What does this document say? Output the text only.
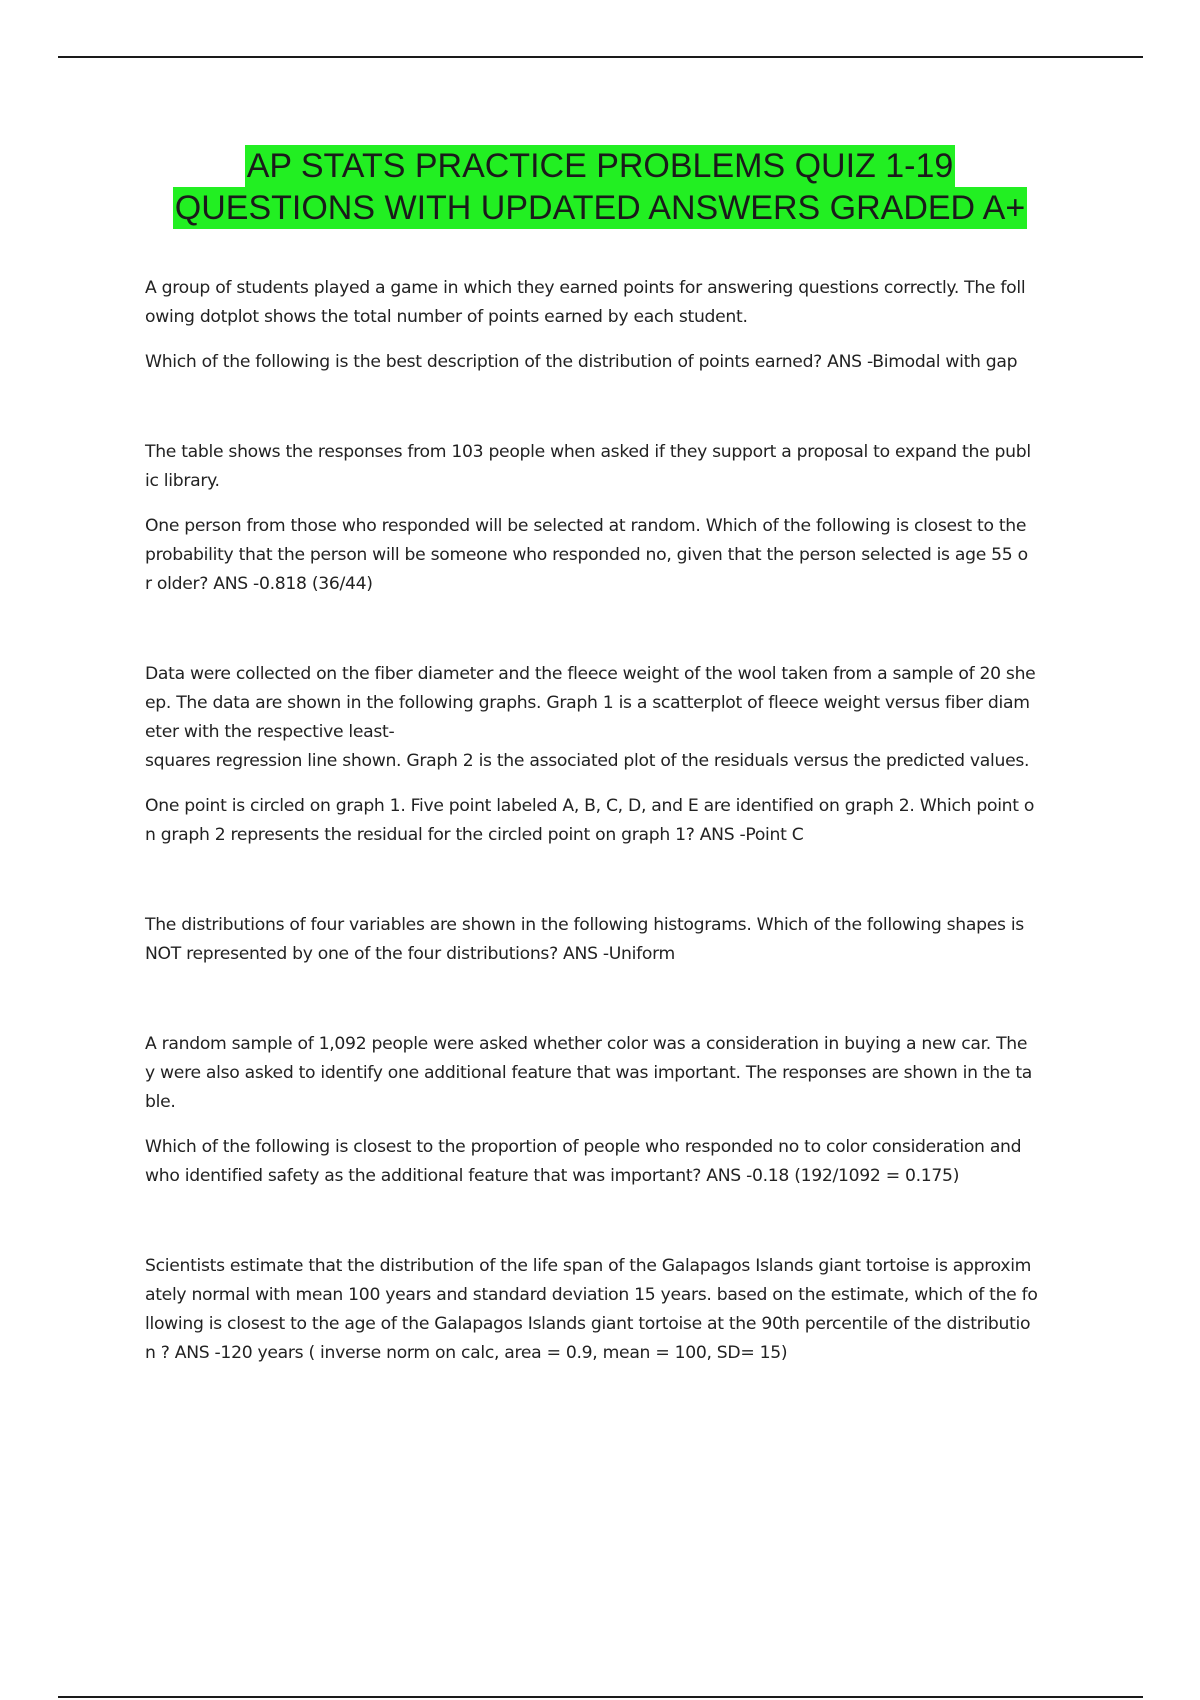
AP STATS PRACTICE PROBLEMS QUIZ 1-19
QUESTIONS WITH UPDATED ANSWERS GRADED A+

A group of students played a game in which they earned points for answering questions correctly. The foll
owing dotplot shows the total number of points earned by each student.

Which of the following is the best description of the distribution of points earned? ANS -Bimodal with gap

The table shows the responses from 103 people when asked if they support a proposal to expand the publ
ic library.

One person from those who responded will be selected at random. Which of the following is closest to the
probability that the person will be someone who responded no, given that the person selected is age 55 o
r older? ANS -0.818 (36/44)

Data were collected on the fiber diameter and the fleece weight of the wool taken from a sample of 20 she
ep. The data are shown in the following graphs. Graph 1 is a scatterplot of fleece weight versus fiber diam
eter with the respective least-
squares regression line shown. Graph 2 is the associated plot of the residuals versus the predicted values.

One point is circled on graph 1. Five point labeled A, B, C, D, and E are identified on graph 2. Which point o
n graph 2 represents the residual for the circled point on graph 1? ANS -Point C

The distributions of four variables are shown in the following histograms. Which of the following shapes is
NOT represented by one of the four distributions? ANS -Uniform

A random sample of 1,092 people were asked whether color was a consideration in buying a new car. The
y were also asked to identify one additional feature that was important. The responses are shown in the ta
ble.

Which of the following is closest to the proportion of people who responded no to color consideration and
who identified safety as the additional feature that was important? ANS -0.18 (192/1092 = 0.175)

Scientists estimate that the distribution of the life span of the Galapagos Islands giant tortoise is approxim
ately normal with mean 100 years and standard deviation 15 years. based on the estimate, which of the fo
llowing is closest to the age of the Galapagos Islands giant tortoise at the 90th percentile of the distributio
n ? ANS -120 years ( inverse norm on calc, area = 0.9, mean = 100, SD= 15)
